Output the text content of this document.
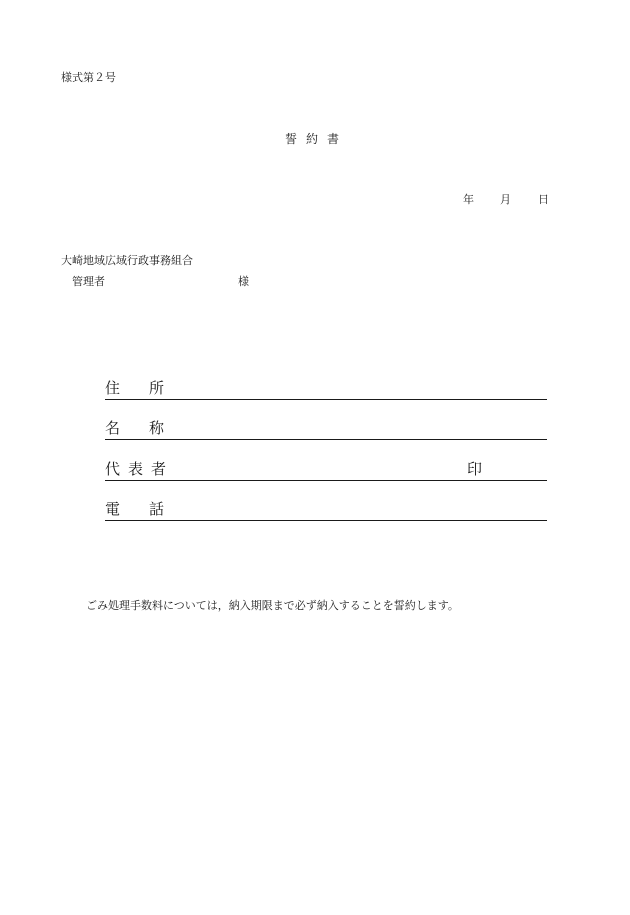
様式第２号
誓約書
年 月 日
大崎地域広域行政事務組合
管理者	様
住所
名称
代表者	印
電話
ごみ処理手数料については，納入期限まで必ず納入することを誓約します。
